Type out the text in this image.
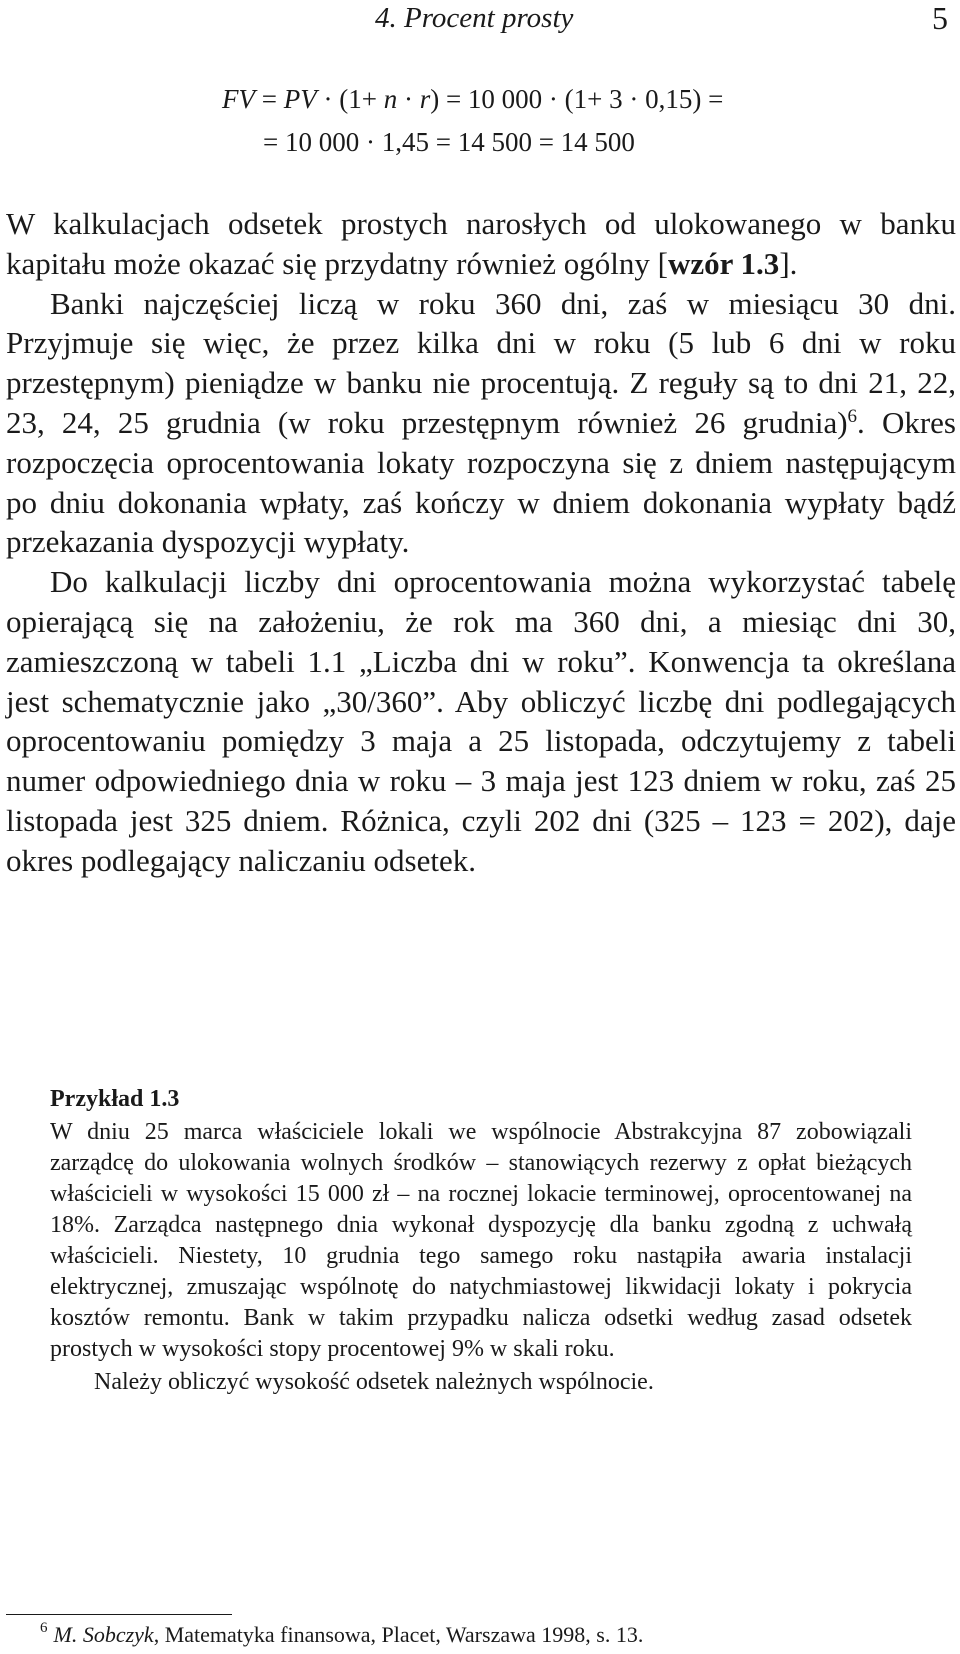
4. Procent prosty	5
FV = PV · (1+ n · r) = 10 000 · (1+ 3 · 0,15) =
= 10 000 · 1,45 = 14 500 = 14 500

W kalkulacjach odsetek prostych narosłych od ulokowanego w banku kapitału może okazać się przydatny również ogólny [wzór 1.3].

Banki najczęściej liczą w roku 360 dni, zaś w miesiącu 30 dni. Przyjmuje się więc, że przez kilka dni w roku (5 lub 6 dni w roku przestępnym) pieniądze w banku nie procentują. Z reguły są to dni 21, 22, 23, 24, 25 grudnia (w roku przestępnym również 26 grudnia)$^6$. Okres rozpoczęcia oprocentowania lokaty rozpoczyna się z dniem następującym po dniu dokonania wpłaty, zaś kończy w dniem dokonania wypłaty bądź przekazania dyspozycji wypłaty.

Do kalkulacji liczby dni oprocentowania można wykorzystać tabelę opierającą się na założeniu, że rok ma 360 dni, a miesiąc dni 30, zamieszczoną w tabeli 1.1 „Liczba dni w roku”. Konwencja ta określana jest schematycznie jako „30/360”. Aby obliczyć liczbę dni podlegających oprocentowaniu pomiędzy 3 maja a 25 listopada, odczytujemy z tabeli numer odpowiedniego dnia w roku – 3 maja jest 123 dniem w roku, zaś 25 listopada jest 325 dniem. Różnica, czyli 202 dni (325 – 123 = 202), daje okres podlegający naliczaniu odsetek.

Przykład 1.3

W dniu 25 marca właściciele lokali we wspólnocie Abstrakcyjna 87 zobowiązali zarządcę do ulokowania wolnych środków – stanowiących rezerwy z opłat bieżących właścicieli w wysokości 15 000 zł – na rocznej lokacie terminowej, oprocentowanej na 18%. Zarządca następnego dnia wykonał dyspozycję dla banku zgodną z uchwałą właścicieli. Niestety, 10 grudnia tego samego roku nastąpiła awaria instalacji elektrycznej, zmuszając wspólnotę do natychmiastowej likwidacji lokaty i pokrycia kosztów remontu. Bank w takim przypadku nalicza odsetki według zasad odsetek prostych w wysokości stopy procentowej 9% w skali roku.

Należy obliczyć wysokość odsetek należnych wspólnocie.

$^6$ M. Sobczyk, Matematyka finansowa, Placet, Warszawa 1998, s. 13.
